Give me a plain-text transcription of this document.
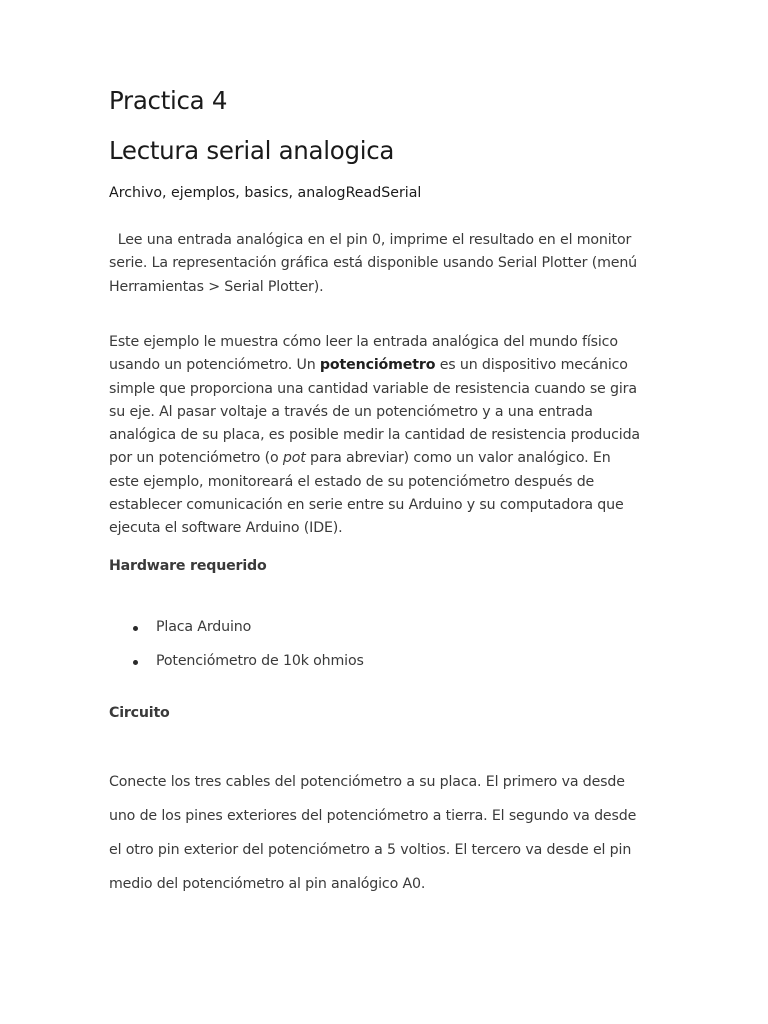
Practica 4
Lectura serial analogica
Archivo, ejemplos, basics, analogReadSerial

Lee una entrada analógica en el pin 0, imprime el resultado en el monitor
serie. La representación gráfica está disponible usando Serial Plotter (menú
Herramientas > Serial Plotter).

Este ejemplo le muestra cómo leer la entrada analógica del mundo físico
usando un potenciómetro. Un potenciómetro es un dispositivo mecánico
simple que proporciona una cantidad variable de resistencia cuando se gira
su eje. Al pasar voltaje a través de un potenciómetro y a una entrada
analógica de su placa, es posible medir la cantidad de resistencia producida
por un potenciómetro (o pot para abreviar) como un valor analógico. En
este ejemplo, monitoreará el estado de su potenciómetro después de
establecer comunicación en serie entre su Arduino y su computadora que
ejecuta el software Arduino (IDE).

Hardware requerido
Placa Arduino
Potenciómetro de 10k ohmios
Circuito

Conecte los tres cables del potenciómetro a su placa. El primero va desde
uno de los pines exteriores del potenciómetro a tierra. El segundo va desde
el otro pin exterior del potenciómetro a 5 voltios. El tercero va desde el pin
medio del potenciómetro al pin analógico A0.
